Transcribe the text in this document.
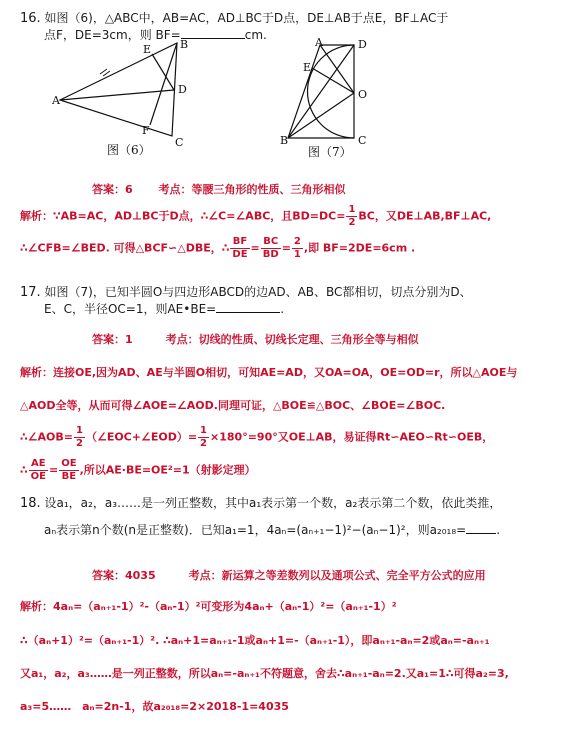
16. 如图（6)，△ABC中，AB=AC，AD⊥BC于D点，DE⊥AB于点E，BF⊥AC于
点F，DE=3cm，则 BF=	cm.
A
B
C
D
E
F
图（6）
A	D
E
O
B	C
图（7）
答案：6　　 考点：等腰三角形的性质、三角形相似
解析：∵AB=AC，AD⊥BC于D点，∴∠C=∠ABC，且$BD=DC= \frac{1}{2}$ BC，又DE⊥AB,BF⊥AC,
∴∠CFB=∠BED. 可得△BCF∽△DBE，∴ $\frac{BF}{DE} = \frac{BC}{BD} = \frac{2}{1}$ ,即 BF=2DE=6cm .
17. 如图（7)，已知半圆O与四边形ABCD的边AD、AB、BC都相切，切点分别为D、
E、C，半径OC=1，则AE•BE=	.
答案：1　　　考点：切线的性质、切线长定理、三角形全等与相似
解析：连接OE,因为AD、AE与半圆O相切，可知AE=AD，又OA=OA，OE=OD=r，所以△AOE与
△AOD全等，从而可得∠AOE=∠AOD.同理可证，△BOE≌△BOC、∠BOE=∠BOC.
∴∠AOB= $\frac{1}{2}$ （∠EOC+∠EOD）= $\frac{1}{2} \times 180^\circ=90^\circ$又OE⊥AB，易证得Rt∽AEO∽Rt∽OEB，
∴ $\frac{AE}{OE} = \frac{OE}{BE}$ ,所以AE·BE=OE²=1（射影定理）
18. 设a₁，a₂，a₃……是一列正整数，其中a₁表示第一个数，a₂表示第二个数，依此类推，
aₙ表示第n个数(n是正整数)．已知a₁=1，4aₙ=(aₙ₊₁−1)²−(aₙ−1)²，则a₂₀₁₈=	.
答案：4035　　　考点：新运算之等差数列以及通项公式、完全平方公式的应用
解析：4aₙ=（aₙ₊₁-1）²-（aₙ-1）²可变形为4aₙ+（aₙ-1）²=（aₙ₊₁-1）²
∴（aₙ+1）²=（aₙ₊₁-1）². ∴aₙ+1=aₙ₊₁-1或aₙ+1=-（aₙ₊₁-1），即aₙ₊₁-aₙ=2或aₙ=-aₙ₊₁
又a₁，a₂，a₃……是一列正整数，所以aₙ=-aₙ₊₁不符题意，舍去∴aₙ₊₁-aₙ=2.又a₁=1∴可得a₂=3,
a₃=5……　aₙ=2n-1，故a₂₀₁₈=2×2018-1=4035
